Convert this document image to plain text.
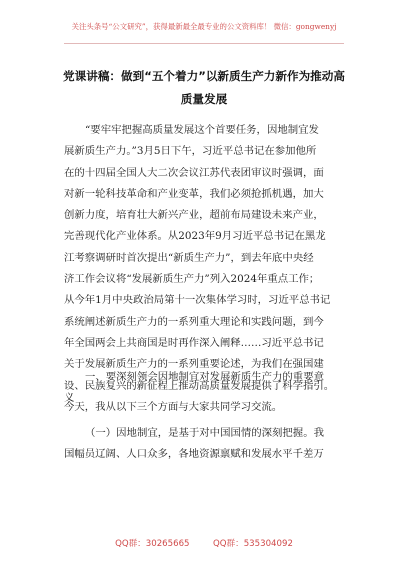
关注头条号“公文研究”，获得最新最全最专业的公文资料库！ 微信：gongwenyj
党课讲稿：做到“五个着力”以新质生产力新作为推动高
质量发展
“要牢牢把握高质量发展这个首要任务，因地制宜发
展新质生产力。”3月5日下午，习近平总书记在参加他所
在的十四届全国人大二次会议江苏代表团审议时强调，面
对新一轮科技革命和产业变革，我们必须抢抓机遇，加大
创新力度，培育壮大新兴产业，超前布局建设未来产业，
完善现代化产业体系。从2023年9月习近平总书记在黑龙
江考察调研时首次提出“新质生产力”，到去年底中央经
济工作会议将“发展新质生产力”列入2024年重点工作；
从今年1月中央政治局第十一次集体学习时，习近平总书记
系统阐述新质生产力的一系列重大理论和实践问题，到今
年全国两会上共商国是时再作深入阐释……习近平总书记
关于发展新质生产力的一系列重要论述，为我们在强国建
设、民族复兴的新征程上推动高质量发展提供了科学指引。
今天，我从以下三个方面与大家共同学习交流。
一、要深刻领会因地制宜对发展新质生产力的重要意
义
（一）因地制宜，是基于对中国国情的深刻把握。我
国幅员辽阔、人口众多，各地资源禀赋和发展水平千差万
QQ群：30265665	QQ群：535304092
